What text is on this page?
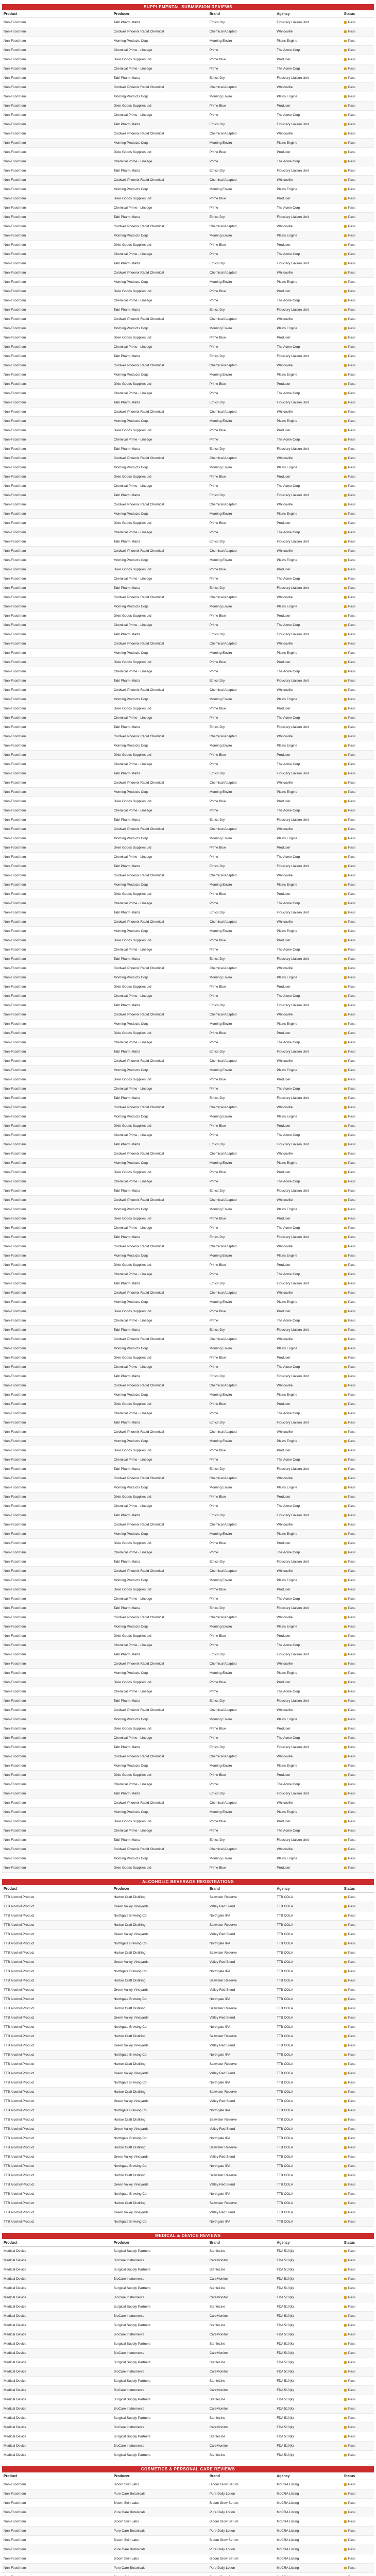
SUPPLEMENTAL SUBMISSION REVIEWS
Product	Producer	Brand	Agency	Status
Non-Food Item	Tabl Pharm Marta	Ethics Dry	Fiduciary Liaison Unit	Pass
Non-Food Item	Coldwell Phoenix Rapid Chemical	Chemical Adapted	Whitcoville	Pass
Non-Food Item	Morning Products Corp	Morning Enviro	Plains Engine	Pass
Non-Food Item	Chemical Prime - Lineage	Prime	The Acme Corp	Pass
Non-Food Item	Dixie Goods Supplies Ltd	Prime Blue	Producer	Pass
Non-Food Item	Chemical Prime - Lineage	Prime	The Acme Corp	Pass
Non-Food Item	Tabl Pharm Marta	Ethics Dry	Fiduciary Liaison Unit	Pass
Non-Food Item	Coldwell Phoenix Rapid Chemical	Chemical Adapted	Whitcoville	Pass
Non-Food Item	Morning Products Corp	Morning Enviro	Plains Engine	Pass
Non-Food Item	Dixie Goods Supplies Ltd	Prime Blue	Producer	Pass
Non-Food Item	Chemical Prime - Lineage	Prime	The Acme Corp	Pass
Non-Food Item	Tabl Pharm Marta	Ethics Dry	Fiduciary Liaison Unit	Pass
Non-Food Item	Coldwell Phoenix Rapid Chemical	Chemical Adapted	Whitcoville	Pass
Non-Food Item	Morning Products Corp	Morning Enviro	Plains Engine	Pass
Non-Food Item	Dixie Goods Supplies Ltd	Prime Blue	Producer	Pass
Non-Food Item	Chemical Prime - Lineage	Prime	The Acme Corp	Pass
Non-Food Item	Tabl Pharm Marta	Ethics Dry	Fiduciary Liaison Unit	Pass
Non-Food Item	Coldwell Phoenix Rapid Chemical	Chemical Adapted	Whitcoville	Pass
Non-Food Item	Morning Products Corp	Morning Enviro	Plains Engine	Pass
Non-Food Item	Dixie Goods Supplies Ltd	Prime Blue	Producer	Pass
Non-Food Item	Chemical Prime - Lineage	Prime	The Acme Corp	Pass
Non-Food Item	Tabl Pharm Marta	Ethics Dry	Fiduciary Liaison Unit	Pass
Non-Food Item	Coldwell Phoenix Rapid Chemical	Chemical Adapted	Whitcoville	Pass
Non-Food Item	Morning Products Corp	Morning Enviro	Plains Engine	Pass
Non-Food Item	Dixie Goods Supplies Ltd	Prime Blue	Producer	Pass
Non-Food Item	Chemical Prime - Lineage	Prime	The Acme Corp	Pass
Non-Food Item	Tabl Pharm Marta	Ethics Dry	Fiduciary Liaison Unit	Pass
Non-Food Item	Coldwell Phoenix Rapid Chemical	Chemical Adapted	Whitcoville	Pass
Non-Food Item	Morning Products Corp	Morning Enviro	Plains Engine	Pass
Non-Food Item	Dixie Goods Supplies Ltd	Prime Blue	Producer	Pass
Non-Food Item	Chemical Prime - Lineage	Prime	The Acme Corp	Pass
Non-Food Item	Tabl Pharm Marta	Ethics Dry	Fiduciary Liaison Unit	Pass
Non-Food Item	Coldwell Phoenix Rapid Chemical	Chemical Adapted	Whitcoville	Pass
Non-Food Item	Morning Products Corp	Morning Enviro	Plains Engine	Pass
Non-Food Item	Dixie Goods Supplies Ltd	Prime Blue	Producer	Pass
Non-Food Item	Chemical Prime - Lineage	Prime	The Acme Corp	Pass
Non-Food Item	Tabl Pharm Marta	Ethics Dry	Fiduciary Liaison Unit	Pass
Non-Food Item	Coldwell Phoenix Rapid Chemical	Chemical Adapted	Whitcoville	Pass
Non-Food Item	Morning Products Corp	Morning Enviro	Plains Engine	Pass
Non-Food Item	Dixie Goods Supplies Ltd	Prime Blue	Producer	Pass
Non-Food Item	Chemical Prime - Lineage	Prime	The Acme Corp	Pass
Non-Food Item	Tabl Pharm Marta	Ethics Dry	Fiduciary Liaison Unit	Pass
Non-Food Item	Coldwell Phoenix Rapid Chemical	Chemical Adapted	Whitcoville	Pass
Non-Food Item	Morning Products Corp	Morning Enviro	Plains Engine	Pass
Non-Food Item	Dixie Goods Supplies Ltd	Prime Blue	Producer	Pass
Non-Food Item	Chemical Prime - Lineage	Prime	The Acme Corp	Pass
Non-Food Item	Tabl Pharm Marta	Ethics Dry	Fiduciary Liaison Unit	Pass
Non-Food Item	Coldwell Phoenix Rapid Chemical	Chemical Adapted	Whitcoville	Pass
Non-Food Item	Morning Products Corp	Morning Enviro	Plains Engine	Pass
Non-Food Item	Dixie Goods Supplies Ltd	Prime Blue	Producer	Pass
Non-Food Item	Chemical Prime - Lineage	Prime	The Acme Corp	Pass
Non-Food Item	Tabl Pharm Marta	Ethics Dry	Fiduciary Liaison Unit	Pass
Non-Food Item	Coldwell Phoenix Rapid Chemical	Chemical Adapted	Whitcoville	Pass
Non-Food Item	Morning Products Corp	Morning Enviro	Plains Engine	Pass
Non-Food Item	Dixie Goods Supplies Ltd	Prime Blue	Producer	Pass
Non-Food Item	Chemical Prime - Lineage	Prime	The Acme Corp	Pass
Non-Food Item	Tabl Pharm Marta	Ethics Dry	Fiduciary Liaison Unit	Pass
Non-Food Item	Coldwell Phoenix Rapid Chemical	Chemical Adapted	Whitcoville	Pass
Non-Food Item	Morning Products Corp	Morning Enviro	Plains Engine	Pass
Non-Food Item	Dixie Goods Supplies Ltd	Prime Blue	Producer	Pass
Non-Food Item	Chemical Prime - Lineage	Prime	The Acme Corp	Pass
Non-Food Item	Tabl Pharm Marta	Ethics Dry	Fiduciary Liaison Unit	Pass
Non-Food Item	Coldwell Phoenix Rapid Chemical	Chemical Adapted	Whitcoville	Pass
Non-Food Item	Morning Products Corp	Morning Enviro	Plains Engine	Pass
Non-Food Item	Dixie Goods Supplies Ltd	Prime Blue	Producer	Pass
Non-Food Item	Chemical Prime - Lineage	Prime	The Acme Corp	Pass
Non-Food Item	Tabl Pharm Marta	Ethics Dry	Fiduciary Liaison Unit	Pass
Non-Food Item	Coldwell Phoenix Rapid Chemical	Chemical Adapted	Whitcoville	Pass
Non-Food Item	Morning Products Corp	Morning Enviro	Plains Engine	Pass
Non-Food Item	Dixie Goods Supplies Ltd	Prime Blue	Producer	Pass
Non-Food Item	Chemical Prime - Lineage	Prime	The Acme Corp	Pass
Non-Food Item	Tabl Pharm Marta	Ethics Dry	Fiduciary Liaison Unit	Pass
Non-Food Item	Coldwell Phoenix Rapid Chemical	Chemical Adapted	Whitcoville	Pass
Non-Food Item	Morning Products Corp	Morning Enviro	Plains Engine	Pass
Non-Food Item	Dixie Goods Supplies Ltd	Prime Blue	Producer	Pass
Non-Food Item	Chemical Prime - Lineage	Prime	The Acme Corp	Pass
Non-Food Item	Tabl Pharm Marta	Ethics Dry	Fiduciary Liaison Unit	Pass
Non-Food Item	Coldwell Phoenix Rapid Chemical	Chemical Adapted	Whitcoville	Pass
Non-Food Item	Morning Products Corp	Morning Enviro	Plains Engine	Pass
Non-Food Item	Dixie Goods Supplies Ltd	Prime Blue	Producer	Pass
Non-Food Item	Chemical Prime - Lineage	Prime	The Acme Corp	Pass
Non-Food Item	Tabl Pharm Marta	Ethics Dry	Fiduciary Liaison Unit	Pass
Non-Food Item	Coldwell Phoenix Rapid Chemical	Chemical Adapted	Whitcoville	Pass
Non-Food Item	Morning Products Corp	Morning Enviro	Plains Engine	Pass
Non-Food Item	Dixie Goods Supplies Ltd	Prime Blue	Producer	Pass
Non-Food Item	Chemical Prime - Lineage	Prime	The Acme Corp	Pass
Non-Food Item	Tabl Pharm Marta	Ethics Dry	Fiduciary Liaison Unit	Pass
Non-Food Item	Coldwell Phoenix Rapid Chemical	Chemical Adapted	Whitcoville	Pass
Non-Food Item	Morning Products Corp	Morning Enviro	Plains Engine	Pass
Non-Food Item	Dixie Goods Supplies Ltd	Prime Blue	Producer	Pass
Non-Food Item	Chemical Prime - Lineage	Prime	The Acme Corp	Pass
Non-Food Item	Tabl Pharm Marta	Ethics Dry	Fiduciary Liaison Unit	Pass
Non-Food Item	Coldwell Phoenix Rapid Chemical	Chemical Adapted	Whitcoville	Pass
Non-Food Item	Morning Products Corp	Morning Enviro	Plains Engine	Pass
Non-Food Item	Dixie Goods Supplies Ltd	Prime Blue	Producer	Pass
Non-Food Item	Chemical Prime - Lineage	Prime	The Acme Corp	Pass
Non-Food Item	Tabl Pharm Marta	Ethics Dry	Fiduciary Liaison Unit	Pass
Non-Food Item	Coldwell Phoenix Rapid Chemical	Chemical Adapted	Whitcoville	Pass
Non-Food Item	Morning Products Corp	Morning Enviro	Plains Engine	Pass
Non-Food Item	Dixie Goods Supplies Ltd	Prime Blue	Producer	Pass
Non-Food Item	Chemical Prime - Lineage	Prime	The Acme Corp	Pass
Non-Food Item	Tabl Pharm Marta	Ethics Dry	Fiduciary Liaison Unit	Pass
Non-Food Item	Coldwell Phoenix Rapid Chemical	Chemical Adapted	Whitcoville	Pass
Non-Food Item	Morning Products Corp	Morning Enviro	Plains Engine	Pass
Non-Food Item	Dixie Goods Supplies Ltd	Prime Blue	Producer	Pass
Non-Food Item	Chemical Prime - Lineage	Prime	The Acme Corp	Pass
Non-Food Item	Tabl Pharm Marta	Ethics Dry	Fiduciary Liaison Unit	Pass
Non-Food Item	Coldwell Phoenix Rapid Chemical	Chemical Adapted	Whitcoville	Pass
Non-Food Item	Morning Products Corp	Morning Enviro	Plains Engine	Pass
Non-Food Item	Dixie Goods Supplies Ltd	Prime Blue	Producer	Pass
Non-Food Item	Chemical Prime - Lineage	Prime	The Acme Corp	Pass
Non-Food Item	Tabl Pharm Marta	Ethics Dry	Fiduciary Liaison Unit	Pass
Non-Food Item	Coldwell Phoenix Rapid Chemical	Chemical Adapted	Whitcoville	Pass
Non-Food Item	Morning Products Corp	Morning Enviro	Plains Engine	Pass
Non-Food Item	Dixie Goods Supplies Ltd	Prime Blue	Producer	Pass
Non-Food Item	Chemical Prime - Lineage	Prime	The Acme Corp	Pass
Non-Food Item	Tabl Pharm Marta	Ethics Dry	Fiduciary Liaison Unit	Pass
Non-Food Item	Coldwell Phoenix Rapid Chemical	Chemical Adapted	Whitcoville	Pass
Non-Food Item	Morning Products Corp	Morning Enviro	Plains Engine	Pass
Non-Food Item	Dixie Goods Supplies Ltd	Prime Blue	Producer	Pass
Non-Food Item	Chemical Prime - Lineage	Prime	The Acme Corp	Pass
Non-Food Item	Tabl Pharm Marta	Ethics Dry	Fiduciary Liaison Unit	Pass
Non-Food Item	Coldwell Phoenix Rapid Chemical	Chemical Adapted	Whitcoville	Pass
Non-Food Item	Morning Products Corp	Morning Enviro	Plains Engine	Pass
Non-Food Item	Dixie Goods Supplies Ltd	Prime Blue	Producer	Pass
Non-Food Item	Chemical Prime - Lineage	Prime	The Acme Corp	Pass
Non-Food Item	Tabl Pharm Marta	Ethics Dry	Fiduciary Liaison Unit	Pass
Non-Food Item	Coldwell Phoenix Rapid Chemical	Chemical Adapted	Whitcoville	Pass
Non-Food Item	Morning Products Corp	Morning Enviro	Plains Engine	Pass
Non-Food Item	Dixie Goods Supplies Ltd	Prime Blue	Producer	Pass
Non-Food Item	Chemical Prime - Lineage	Prime	The Acme Corp	Pass
Non-Food Item	Tabl Pharm Marta	Ethics Dry	Fiduciary Liaison Unit	Pass
Non-Food Item	Coldwell Phoenix Rapid Chemical	Chemical Adapted	Whitcoville	Pass
Non-Food Item	Morning Products Corp	Morning Enviro	Plains Engine	Pass
Non-Food Item	Dixie Goods Supplies Ltd	Prime Blue	Producer	Pass
Non-Food Item	Chemical Prime - Lineage	Prime	The Acme Corp	Pass
Non-Food Item	Tabl Pharm Marta	Ethics Dry	Fiduciary Liaison Unit	Pass
Non-Food Item	Coldwell Phoenix Rapid Chemical	Chemical Adapted	Whitcoville	Pass
Non-Food Item	Morning Products Corp	Morning Enviro	Plains Engine	Pass
Non-Food Item	Dixie Goods Supplies Ltd	Prime Blue	Producer	Pass
Non-Food Item	Chemical Prime - Lineage	Prime	The Acme Corp	Pass
Non-Food Item	Tabl Pharm Marta	Ethics Dry	Fiduciary Liaison Unit	Pass
Non-Food Item	Coldwell Phoenix Rapid Chemical	Chemical Adapted	Whitcoville	Pass
Non-Food Item	Morning Products Corp	Morning Enviro	Plains Engine	Pass
Non-Food Item	Dixie Goods Supplies Ltd	Prime Blue	Producer	Pass
Non-Food Item	Chemical Prime - Lineage	Prime	The Acme Corp	Pass
Non-Food Item	Tabl Pharm Marta	Ethics Dry	Fiduciary Liaison Unit	Pass
Non-Food Item	Coldwell Phoenix Rapid Chemical	Chemical Adapted	Whitcoville	Pass
Non-Food Item	Morning Products Corp	Morning Enviro	Plains Engine	Pass
Non-Food Item	Dixie Goods Supplies Ltd	Prime Blue	Producer	Pass
Non-Food Item	Chemical Prime - Lineage	Prime	The Acme Corp	Pass
Non-Food Item	Tabl Pharm Marta	Ethics Dry	Fiduciary Liaison Unit	Pass
Non-Food Item	Coldwell Phoenix Rapid Chemical	Chemical Adapted	Whitcoville	Pass
Non-Food Item	Morning Products Corp	Morning Enviro	Plains Engine	Pass
Non-Food Item	Dixie Goods Supplies Ltd	Prime Blue	Producer	Pass
Non-Food Item	Chemical Prime - Lineage	Prime	The Acme Corp	Pass
Non-Food Item	Tabl Pharm Marta	Ethics Dry	Fiduciary Liaison Unit	Pass
Non-Food Item	Coldwell Phoenix Rapid Chemical	Chemical Adapted	Whitcoville	Pass
Non-Food Item	Morning Products Corp	Morning Enviro	Plains Engine	Pass
Non-Food Item	Dixie Goods Supplies Ltd	Prime Blue	Producer	Pass
Non-Food Item	Chemical Prime - Lineage	Prime	The Acme Corp	Pass
Non-Food Item	Tabl Pharm Marta	Ethics Dry	Fiduciary Liaison Unit	Pass
Non-Food Item	Coldwell Phoenix Rapid Chemical	Chemical Adapted	Whitcoville	Pass
Non-Food Item	Morning Products Corp	Morning Enviro	Plains Engine	Pass
Non-Food Item	Dixie Goods Supplies Ltd	Prime Blue	Producer	Pass
Non-Food Item	Chemical Prime - Lineage	Prime	The Acme Corp	Pass
Non-Food Item	Tabl Pharm Marta	Ethics Dry	Fiduciary Liaison Unit	Pass
Non-Food Item	Coldwell Phoenix Rapid Chemical	Chemical Adapted	Whitcoville	Pass
Non-Food Item	Morning Products Corp	Morning Enviro	Plains Engine	Pass
Non-Food Item	Dixie Goods Supplies Ltd	Prime Blue	Producer	Pass
Non-Food Item	Chemical Prime - Lineage	Prime	The Acme Corp	Pass
Non-Food Item	Tabl Pharm Marta	Ethics Dry	Fiduciary Liaison Unit	Pass
Non-Food Item	Coldwell Phoenix Rapid Chemical	Chemical Adapted	Whitcoville	Pass
Non-Food Item	Morning Products Corp	Morning Enviro	Plains Engine	Pass
Non-Food Item	Dixie Goods Supplies Ltd	Prime Blue	Producer	Pass
Non-Food Item	Chemical Prime - Lineage	Prime	The Acme Corp	Pass
Non-Food Item	Tabl Pharm Marta	Ethics Dry	Fiduciary Liaison Unit	Pass
Non-Food Item	Coldwell Phoenix Rapid Chemical	Chemical Adapted	Whitcoville	Pass
Non-Food Item	Morning Products Corp	Morning Enviro	Plains Engine	Pass
Non-Food Item	Dixie Goods Supplies Ltd	Prime Blue	Producer	Pass
Non-Food Item	Chemical Prime - Lineage	Prime	The Acme Corp	Pass
Non-Food Item	Tabl Pharm Marta	Ethics Dry	Fiduciary Liaison Unit	Pass
Non-Food Item	Coldwell Phoenix Rapid Chemical	Chemical Adapted	Whitcoville	Pass
Non-Food Item	Morning Products Corp	Morning Enviro	Plains Engine	Pass
Non-Food Item	Dixie Goods Supplies Ltd	Prime Blue	Producer	Pass
Non-Food Item	Chemical Prime - Lineage	Prime	The Acme Corp	Pass
Non-Food Item	Tabl Pharm Marta	Ethics Dry	Fiduciary Liaison Unit	Pass
Non-Food Item	Coldwell Phoenix Rapid Chemical	Chemical Adapted	Whitcoville	Pass
Non-Food Item	Morning Products Corp	Morning Enviro	Plains Engine	Pass
Non-Food Item	Dixie Goods Supplies Ltd	Prime Blue	Producer	Pass
Non-Food Item	Chemical Prime - Lineage	Prime	The Acme Corp	Pass
Non-Food Item	Tabl Pharm Marta	Ethics Dry	Fiduciary Liaison Unit	Pass
Non-Food Item	Coldwell Phoenix Rapid Chemical	Chemical Adapted	Whitcoville	Pass
Non-Food Item	Morning Products Corp	Morning Enviro	Plains Engine	Pass
Non-Food Item	Dixie Goods Supplies Ltd	Prime Blue	Producer	Pass
Non-Food Item	Chemical Prime - Lineage	Prime	The Acme Corp	Pass
Non-Food Item	Tabl Pharm Marta	Ethics Dry	Fiduciary Liaison Unit	Pass
Non-Food Item	Coldwell Phoenix Rapid Chemical	Chemical Adapted	Whitcoville	Pass
Non-Food Item	Morning Products Corp	Morning Enviro	Plains Engine	Pass
Non-Food Item	Dixie Goods Supplies Ltd	Prime Blue	Producer	Pass
ALCOHOLIC BEVERAGE REGISTRATIONS
Product	Producer	Brand	Agency	Status
TTB Alcohol Product	Harbor Craft Distilling	Saltwater Reserve	TTB COLA	Pass
TTB Alcohol Product	Green Valley Vineyards	Valley Red Blend	TTB COLA	Pass
TTB Alcohol Product	Northgate Brewing Co	Northgate IPA	TTB COLA	Pass
TTB Alcohol Product	Harbor Craft Distilling	Saltwater Reserve	TTB COLA	Pass
TTB Alcohol Product	Green Valley Vineyards	Valley Red Blend	TTB COLA	Pass
TTB Alcohol Product	Northgate Brewing Co	Northgate IPA	TTB COLA	Pass
TTB Alcohol Product	Harbor Craft Distilling	Saltwater Reserve	TTB COLA	Pass
TTB Alcohol Product	Green Valley Vineyards	Valley Red Blend	TTB COLA	Pass
TTB Alcohol Product	Northgate Brewing Co	Northgate IPA	TTB COLA	Pass
TTB Alcohol Product	Harbor Craft Distilling	Saltwater Reserve	TTB COLA	Pass
TTB Alcohol Product	Green Valley Vineyards	Valley Red Blend	TTB COLA	Pass
TTB Alcohol Product	Northgate Brewing Co	Northgate IPA	TTB COLA	Pass
TTB Alcohol Product	Harbor Craft Distilling	Saltwater Reserve	TTB COLA	Pass
TTB Alcohol Product	Green Valley Vineyards	Valley Red Blend	TTB COLA	Pass
TTB Alcohol Product	Northgate Brewing Co	Northgate IPA	TTB COLA	Pass
TTB Alcohol Product	Harbor Craft Distilling	Saltwater Reserve	TTB COLA	Pass
TTB Alcohol Product	Green Valley Vineyards	Valley Red Blend	TTB COLA	Pass
TTB Alcohol Product	Northgate Brewing Co	Northgate IPA	TTB COLA	Pass
TTB Alcohol Product	Harbor Craft Distilling	Saltwater Reserve	TTB COLA	Pass
TTB Alcohol Product	Green Valley Vineyards	Valley Red Blend	TTB COLA	Pass
TTB Alcohol Product	Northgate Brewing Co	Northgate IPA	TTB COLA	Pass
TTB Alcohol Product	Harbor Craft Distilling	Saltwater Reserve	TTB COLA	Pass
TTB Alcohol Product	Green Valley Vineyards	Valley Red Blend	TTB COLA	Pass
TTB Alcohol Product	Northgate Brewing Co	Northgate IPA	TTB COLA	Pass
TTB Alcohol Product	Harbor Craft Distilling	Saltwater Reserve	TTB COLA	Pass
TTB Alcohol Product	Green Valley Vineyards	Valley Red Blend	TTB COLA	Pass
TTB Alcohol Product	Northgate Brewing Co	Northgate IPA	TTB COLA	Pass
TTB Alcohol Product	Harbor Craft Distilling	Saltwater Reserve	TTB COLA	Pass
TTB Alcohol Product	Green Valley Vineyards	Valley Red Blend	TTB COLA	Pass
TTB Alcohol Product	Northgate Brewing Co	Northgate IPA	TTB COLA	Pass
TTB Alcohol Product	Harbor Craft Distilling	Saltwater Reserve	TTB COLA	Pass
TTB Alcohol Product	Green Valley Vineyards	Valley Red Blend	TTB COLA	Pass
TTB Alcohol Product	Northgate Brewing Co	Northgate IPA	TTB COLA	Pass
TTB Alcohol Product	Harbor Craft Distilling	Saltwater Reserve	TTB COLA	Pass
TTB Alcohol Product	Green Valley Vineyards	Valley Red Blend	TTB COLA	Pass
TTB Alcohol Product	Northgate Brewing Co	Northgate IPA	TTB COLA	Pass
MEDICAL & DEVICE REVIEWS
Product	Producer	Brand	Agency	Status
Medical Device	Surgical Supply Partners	SterileLine	FDA 510(k)	Pass
Medical Device	BioCare Instruments	CareMonitor	FDA 510(k)	Pass
Medical Device	Surgical Supply Partners	SterileLine	FDA 510(k)	Pass
Medical Device	BioCare Instruments	CareMonitor	FDA 510(k)	Pass
Medical Device	Surgical Supply Partners	SterileLine	FDA 510(k)	Pass
Medical Device	BioCare Instruments	CareMonitor	FDA 510(k)	Pass
Medical Device	Surgical Supply Partners	SterileLine	FDA 510(k)	Pass
Medical Device	BioCare Instruments	CareMonitor	FDA 510(k)	Pass
Medical Device	Surgical Supply Partners	SterileLine	FDA 510(k)	Pass
Medical Device	BioCare Instruments	CareMonitor	FDA 510(k)	Pass
Medical Device	Surgical Supply Partners	SterileLine	FDA 510(k)	Pass
Medical Device	BioCare Instruments	CareMonitor	FDA 510(k)	Pass
Medical Device	Surgical Supply Partners	SterileLine	FDA 510(k)	Pass
Medical Device	BioCare Instruments	CareMonitor	FDA 510(k)	Pass
Medical Device	Surgical Supply Partners	SterileLine	FDA 510(k)	Pass
Medical Device	BioCare Instruments	CareMonitor	FDA 510(k)	Pass
Medical Device	Surgical Supply Partners	SterileLine	FDA 510(k)	Pass
Medical Device	BioCare Instruments	CareMonitor	FDA 510(k)	Pass
Medical Device	Surgical Supply Partners	SterileLine	FDA 510(k)	Pass
Medical Device	BioCare Instruments	CareMonitor	FDA 510(k)	Pass
Medical Device	Surgical Supply Partners	SterileLine	FDA 510(k)	Pass
Medical Device	BioCare Instruments	CareMonitor	FDA 510(k)	Pass
Medical Device	Surgical Supply Partners	SterileLine	FDA 510(k)	Pass
COSMETICS & PERSONAL CARE REVIEWS
Product	Producer	Brand	Agency	Status
Non-Food Item	Bloom Skin Labs	Bloom Glow Serum	MoCRA Listing	Pass
Non-Food Item	Pure Care Botanicals	Pure Daily Lotion	MoCRA Listing	Pass
Non-Food Item	Bloom Skin Labs	Bloom Glow Serum	MoCRA Listing	Pass
Non-Food Item	Pure Care Botanicals	Pure Daily Lotion	MoCRA Listing	Pass
Non-Food Item	Bloom Skin Labs	Bloom Glow Serum	MoCRA Listing	Pass
Non-Food Item	Pure Care Botanicals	Pure Daily Lotion	MoCRA Listing	Pass
Non-Food Item	Bloom Skin Labs	Bloom Glow Serum	MoCRA Listing	Pass
Non-Food Item	Pure Care Botanicals	Pure Daily Lotion	MoCRA Listing	Pass
Non-Food Item	Bloom Skin Labs	Bloom Glow Serum	MoCRA Listing	Pass
Non-Food Item	Pure Care Botanicals	Pure Daily Lotion	MoCRA Listing	Pass
